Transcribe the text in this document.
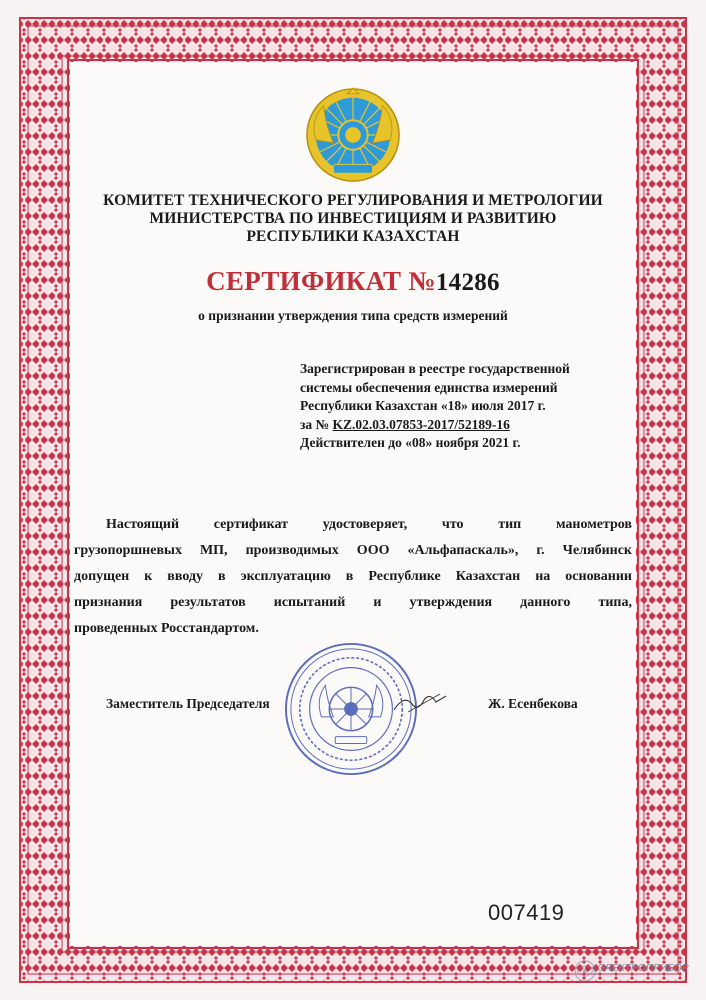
КОМИТЕТ ТЕХНИЧЕСКОГО РЕГУЛИРОВАНИЯ И МЕТРОЛОГИИ
МИНИСТЕРСТВА ПО ИНВЕСТИЦИЯМ И РАЗВИТИЮ
РЕСПУБЛИКИ КАЗАХСТАН
СЕРТИФИКАТ №14286
о признании утверждения типа средств измерений
Зарегистрирован в реестре государственной
системы обеспечения единства измерений
Республики Казахстан «18» июля 2017 г.
за № KZ.02.03.07853-2017/52189-16
Действителен до «08» ноября 2021 г.
Настоящий сертификат удостоверяет, что тип манометров
грузопоршневых МП, производимых ООО «Альфапаскаль», г. Челябинск
допущен к вводу в эксплуатацию в Республике Казахстан на основании
признания результатов испытаний и утверждения данного типа,
проведенных Росстандартом.
Заместитель Председателя	Ж. Есенбекова
007419
ЭЛЕКТРОПРИБОР
